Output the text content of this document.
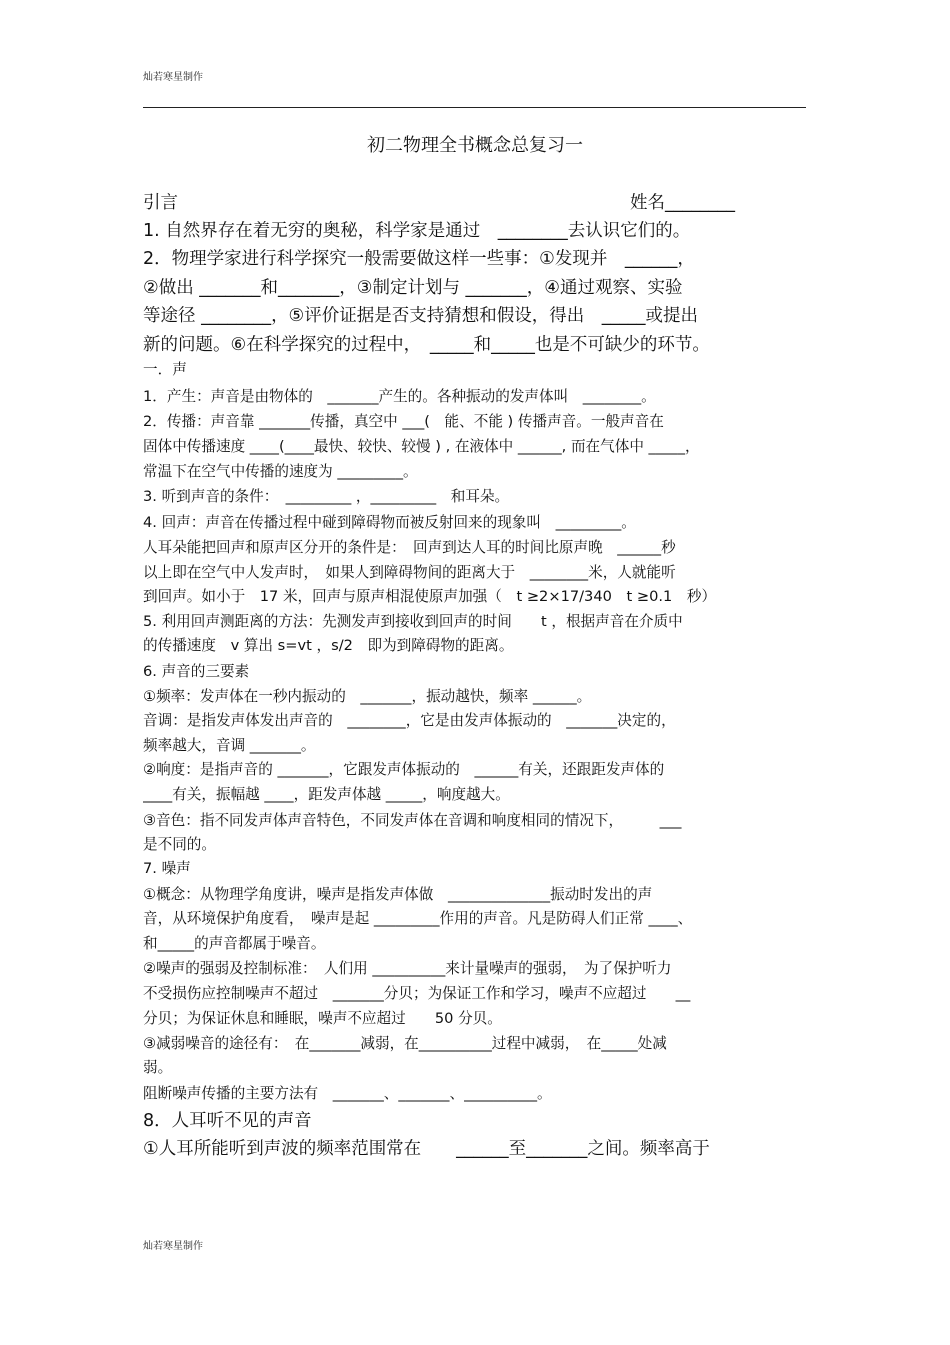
灿若寒星制作
初二物理全书概念总复习一
姓名________
引言
1. 自然界存在着无穷的奥秘，科学家是通过　________去认识它们的。
2．物理学家进行科学探究一般需要做这样一些事：①发现并　______，
②做出 _______和_______，③制定计划与 _______，④通过观察、实验
等途径 ________，⑤评价证据是否支持猜想和假设，得出　_____或提出
新的问题。⑥在科学探究的过程中，　_____和_____也是不可缺少的环节。
一．声
1．产生：声音是由物体的　_______产生的。各种振动的发声体叫　________。
2．传播：声音靠 _______传播，真空中 ___(　能、不能 ) 传播声音。一般声音在
固体中传播速度 ____(____最快、较快、较慢 ) , 在液体中 ______, 而在气体中 _____，
常温下在空气中传播的速度为 _________。
3. 听到声音的条件：　_________ ，_________　和耳朵。
4. 回声：声音在传播过程中碰到障碍物而被反射回来的现象叫　_________。
人耳朵能把回声和原声区分开的条件是：　回声到达人耳的时间比原声晚　______秒
以上即在空气中人发声时，　如果人到障碍物间的距离大于　________米，人就能听
到回声。如小于　17 米，回声与原声相混使原声加强（　t ≥2×17/340　t ≥0.1　秒）
5. 利用回声测距离的方法：先测发声到接收到回声的时间　　t ，根据声音在介质中
的传播速度　v 算出 s=vt ，s/2　即为到障碍物的距离。
6. 声音的三要素
①频率：发声体在一秒内振动的　_______，振动越快，频率 ______。
音调：是指发声体发出声音的　________，它是由发声体振动的　_______决定的，
频率越大，音调 _______。
②响度：是指声音的 _______，它跟发声体振动的　______有关，还跟距发声体的
____有关，振幅越 ____，距发声体越 _____，响度越大。
③音色：指不同发声体声音特色，不同发声体在音调和响度相同的情况下，　　　___
是不同的。
7. 噪声
①概念：从物理学角度讲，噪声是指发声体做　______________振动时发出的声
音，从环境保护角度看，　噪声是起 _________作用的声音。凡是防碍人们正常 ____、
和_____的声音都属于噪音。
②噪声的强弱及控制标准：　人们用 __________来计量噪声的强弱，　为了保护听力
不受损伤应控制噪声不超过　_______分贝；为保证工作和学习，噪声不应超过　　__
分贝；为保证休息和睡眠，噪声不应超过　　50 分贝。
③减弱噪音的途径有：　在_______减弱，在__________过程中减弱，　在_____处减
弱。
阻断噪声传播的主要方法有　_______、_______、__________。
8．人耳听不见的声音
①人耳所能听到声波的频率范围常在　　______至_______之间。频率高于
灿若寒星制作
